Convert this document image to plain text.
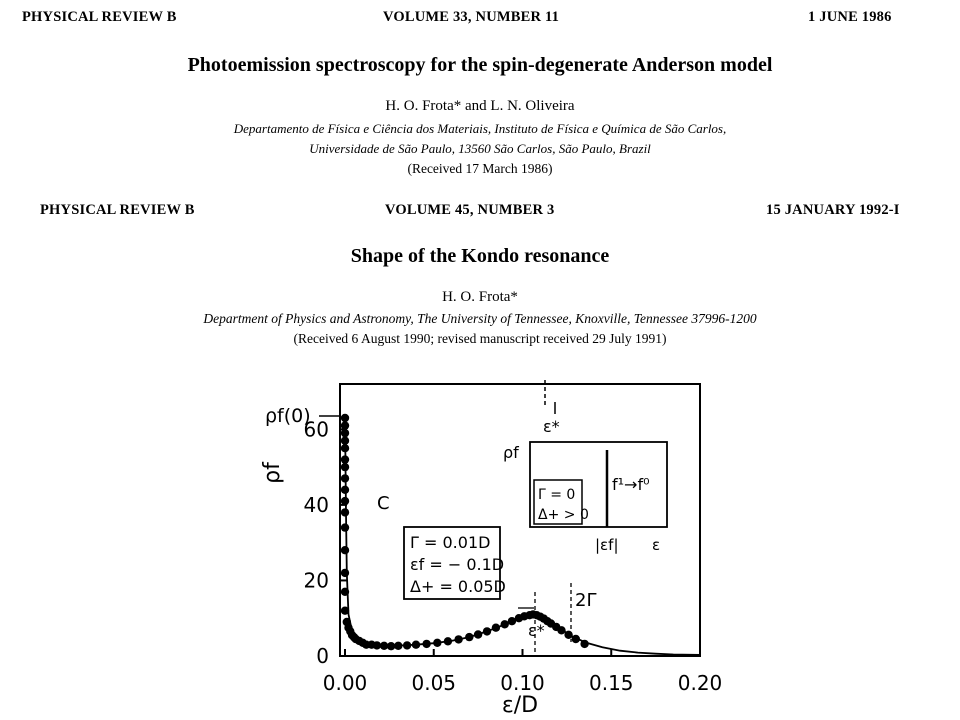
PHYSICAL REVIEW B	VOLUME 33, NUMBER 11	1 JUNE 1986
Photoemission spectroscopy for the spin-degenerate Anderson model
H. O. Frota* and L. N. Oliveira
Departamento de Física e Ciência dos Materiais, Instituto de Física e Química de São Carlos,
Universidade de São Paulo, 13560 São Carlos, São Paulo, Brazil
(Received 17 March 1986)
PHYSICAL REVIEW B	VOLUME 45, NUMBER 3	15 JANUARY 1992-I
Shape of the Kondo resonance
H. O. Frota*
Department of Physics and Astronomy, The University of Tennessee, Knoxville, Tennessee 37996-1200
(Received 6 August 1990; revised manuscript received 29 July 1991)
0.00 0.05 0.10 0.15 0.20
0
20
40
60
ε/D
ρf
ρf(0)
C
Γ = 0.01D
εf = − 0.1D
Δ+ = 0.05D
ρf
f¹→f⁰
Γ = 0
Δ+ > 0
|εf| ε
ε*
ε*
2Γ
